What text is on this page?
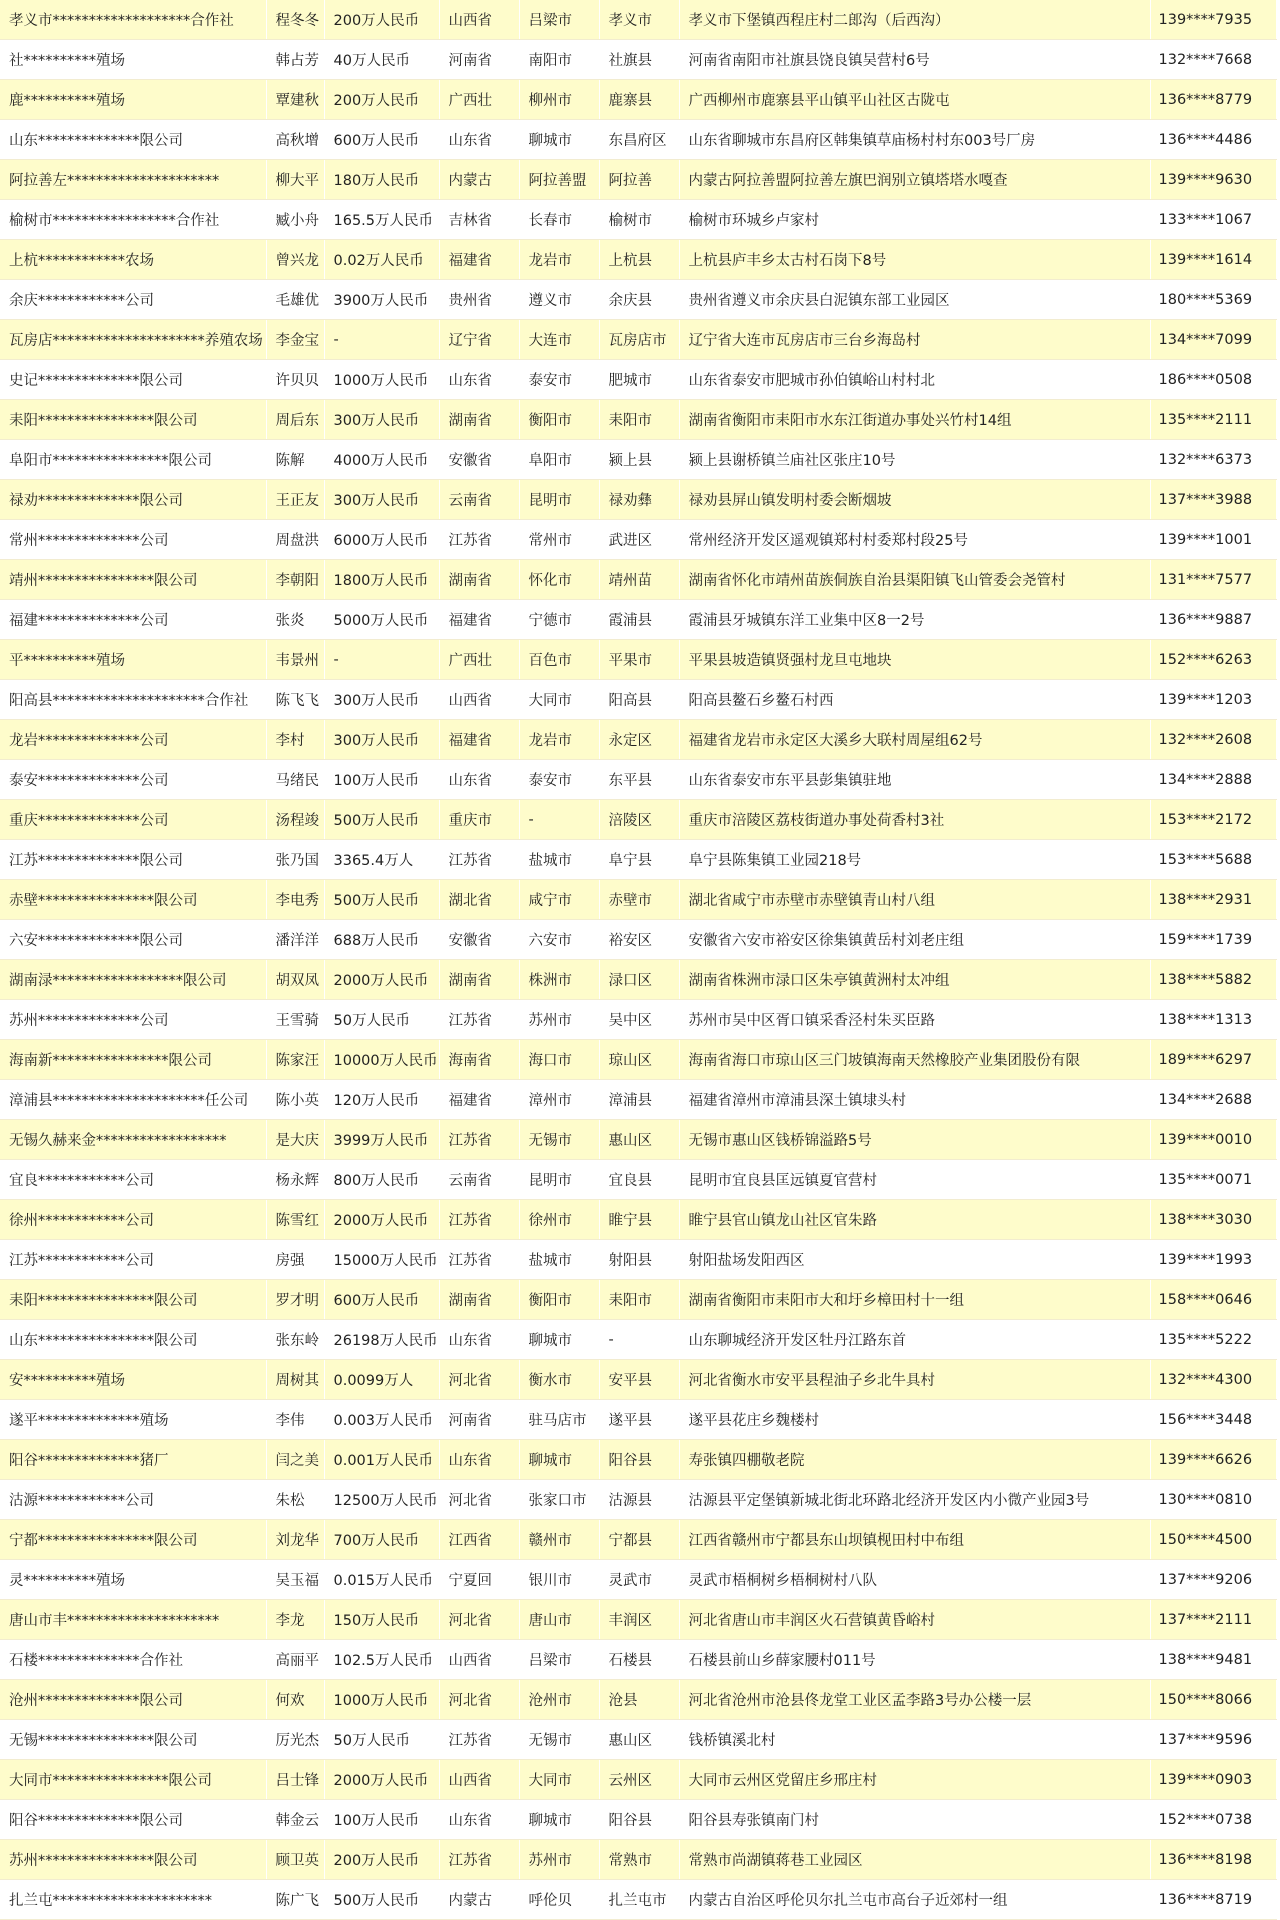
孝义市*******************合作社	程冬冬	200万人民币	山西省	吕梁市	孝义市	孝义市下堡镇西程庄村二郎沟（后西沟）	139****7935
社**********殖场	韩占芳	40万人民币	河南省	南阳市	社旗县	河南省南阳市社旗县饶良镇吴营村6号	132****7668
鹿**********殖场	覃建秋	200万人民币	广西壮	柳州市	鹿寨县	广西柳州市鹿寨县平山镇平山社区古陇屯	136****8779
山东**************限公司	高秋增	600万人民币	山东省	聊城市	东昌府区	山东省聊城市东昌府区韩集镇草庙杨村村东003号厂房	136****4486
阿拉善左*********************	柳大平	180万人民币	内蒙古	阿拉善盟	阿拉善	内蒙古阿拉善盟阿拉善左旗巴润别立镇塔塔水嘎查	139****9630
榆树市*****************合作社	臧小舟	165.5万人民币	吉林省	长春市	榆树市	榆树市环城乡卢家村	133****1067
上杭************农场	曾兴龙	0.02万人民币	福建省	龙岩市	上杭县	上杭县庐丰乡太古村石岗下8号	139****1614
余庆************公司	毛雄优	3900万人民币	贵州省	遵义市	余庆县	贵州省遵义市余庆县白泥镇东部工业园区	180****5369
瓦房店*********************养殖农场	李金宝	-	辽宁省	大连市	瓦房店市	辽宁省大连市瓦房店市三台乡海岛村	134****7099
史记**************限公司	许贝贝	1000万人民币	山东省	泰安市	肥城市	山东省泰安市肥城市孙伯镇峪山村村北	186****0508
耒阳****************限公司	周后东	300万人民币	湖南省	衡阳市	耒阳市	湖南省衡阳市耒阳市水东江街道办事处兴竹村14组	135****2111
阜阳市****************限公司	陈解	4000万人民币	安徽省	阜阳市	颍上县	颍上县谢桥镇兰庙社区张庄10号	132****6373
禄劝**************限公司	王正友	300万人民币	云南省	昆明市	禄劝彝	禄劝县屏山镇发明村委会断烟坡	137****3988
常州**************公司	周盘洪	6000万人民币	江苏省	常州市	武进区	常州经济开发区遥观镇郑村村委郑村段25号	139****1001
靖州****************限公司	李朝阳	1800万人民币	湖南省	怀化市	靖州苗	湖南省怀化市靖州苗族侗族自治县渠阳镇飞山管委会尧管村	131****7577
福建**************公司	张炎	5000万人民币	福建省	宁德市	霞浦县	霞浦县牙城镇东洋工业集中区8一2号	136****9887
平**********殖场	韦景州	-	广西壮	百色市	平果市	平果县坡造镇贤强村龙旦屯地块	152****6263
阳高县*********************合作社	陈飞飞	300万人民币	山西省	大同市	阳高县	阳高县鳌石乡鳌石村西	139****1203
龙岩**************公司	李村	300万人民币	福建省	龙岩市	永定区	福建省龙岩市永定区大溪乡大联村周屋组62号	132****2608
泰安**************公司	马绪民	100万人民币	山东省	泰安市	东平县	山东省泰安市东平县彭集镇驻地	134****2888
重庆**************公司	汤程竣	500万人民币	重庆市	-	涪陵区	重庆市涪陵区荔枝街道办事处荷香村3社	153****2172
江苏**************限公司	张乃国	3365.4万人	江苏省	盐城市	阜宁县	阜宁县陈集镇工业园218号	153****5688
赤壁****************限公司	李电秀	500万人民币	湖北省	咸宁市	赤壁市	湖北省咸宁市赤壁市赤壁镇青山村八组	138****2931
六安**************限公司	潘洋洋	688万人民币	安徽省	六安市	裕安区	安徽省六安市裕安区徐集镇黄岳村刘老庄组	159****1739
湖南渌******************限公司	胡双凤	2000万人民币	湖南省	株洲市	渌口区	湖南省株洲市渌口区朱亭镇黄洲村太冲组	138****5882
苏州**************公司	王雪骑	50万人民币	江苏省	苏州市	吴中区	苏州市吴中区胥口镇采香泾村朱买臣路	138****1313
海南新****************限公司	陈家汪	10000万人民币	海南省	海口市	琼山区	海南省海口市琼山区三门坡镇海南天然橡胶产业集团股份有限	189****6297
漳浦县*********************任公司	陈小英	120万人民币	福建省	漳州市	漳浦县	福建省漳州市漳浦县深土镇埭头村	134****2688
无锡久赫来金******************	是大庆	3999万人民币	江苏省	无锡市	惠山区	无锡市惠山区钱桥锦溢路5号	139****0010
宜良************公司	杨永辉	800万人民币	云南省	昆明市	宜良县	昆明市宜良县匡远镇夏官营村	135****0071
徐州************公司	陈雪红	2000万人民币	江苏省	徐州市	睢宁县	睢宁县官山镇龙山社区官朱路	138****3030
江苏************公司	房强	15000万人民币	江苏省	盐城市	射阳县	射阳盐场发阳西区	139****1993
耒阳****************限公司	罗才明	600万人民币	湖南省	衡阳市	耒阳市	湖南省衡阳市耒阳市大和圩乡樟田村十一组	158****0646
山东****************限公司	张东岭	26198万人民币	山东省	聊城市	-	山东聊城经济开发区牡丹江路东首	135****5222
安**********殖场	周树其	0.0099万人	河北省	衡水市	安平县	河北省衡水市安平县程油子乡北牛具村	132****4300
遂平**************殖场	李伟	0.003万人民币	河南省	驻马店市	遂平县	遂平县花庄乡魏楼村	156****3448
阳谷**************猪厂	闫之美	0.001万人民币	山东省	聊城市	阳谷县	寿张镇四棚敬老院	139****6626
沽源************公司	朱松	12500万人民币	河北省	张家口市	沽源县	沽源县平定堡镇新城北街北环路北经济开发区内小微产业园3号	130****0810
宁都****************限公司	刘龙华	700万人民币	江西省	赣州市	宁都县	江西省赣州市宁都县东山坝镇枧田村中布组	150****4500
灵**********殖场	吴玉福	0.015万人民币	宁夏回	银川市	灵武市	灵武市梧桐树乡梧桐树村八队	137****9206
唐山市丰*********************	李龙	150万人民币	河北省	唐山市	丰润区	河北省唐山市丰润区火石营镇黄昏峪村	137****2111
石楼**************合作社	高丽平	102.5万人民币	山西省	吕梁市	石楼县	石楼县前山乡薛家腰村011号	138****9481
沧州**************限公司	何欢	1000万人民币	河北省	沧州市	沧县	河北省沧州市沧县佟龙堂工业区孟李路3号办公楼一层	150****8066
无锡****************限公司	厉光杰	50万人民币	江苏省	无锡市	惠山区	钱桥镇溪北村	137****9596
大同市****************限公司	吕士锋	2000万人民币	山西省	大同市	云州区	大同市云州区党留庄乡邢庄村	139****0903
阳谷**************限公司	韩金云	100万人民币	山东省	聊城市	阳谷县	阳谷县寿张镇南门村	152****0738
苏州****************限公司	顾卫英	200万人民币	江苏省	苏州市	常熟市	常熟市尚湖镇蒋巷工业园区	136****8198
扎兰屯**********************	陈广飞	500万人民币	内蒙古	呼伦贝	扎兰屯市	内蒙古自治区呼伦贝尔扎兰屯市高台子近郊村一组	136****8719
